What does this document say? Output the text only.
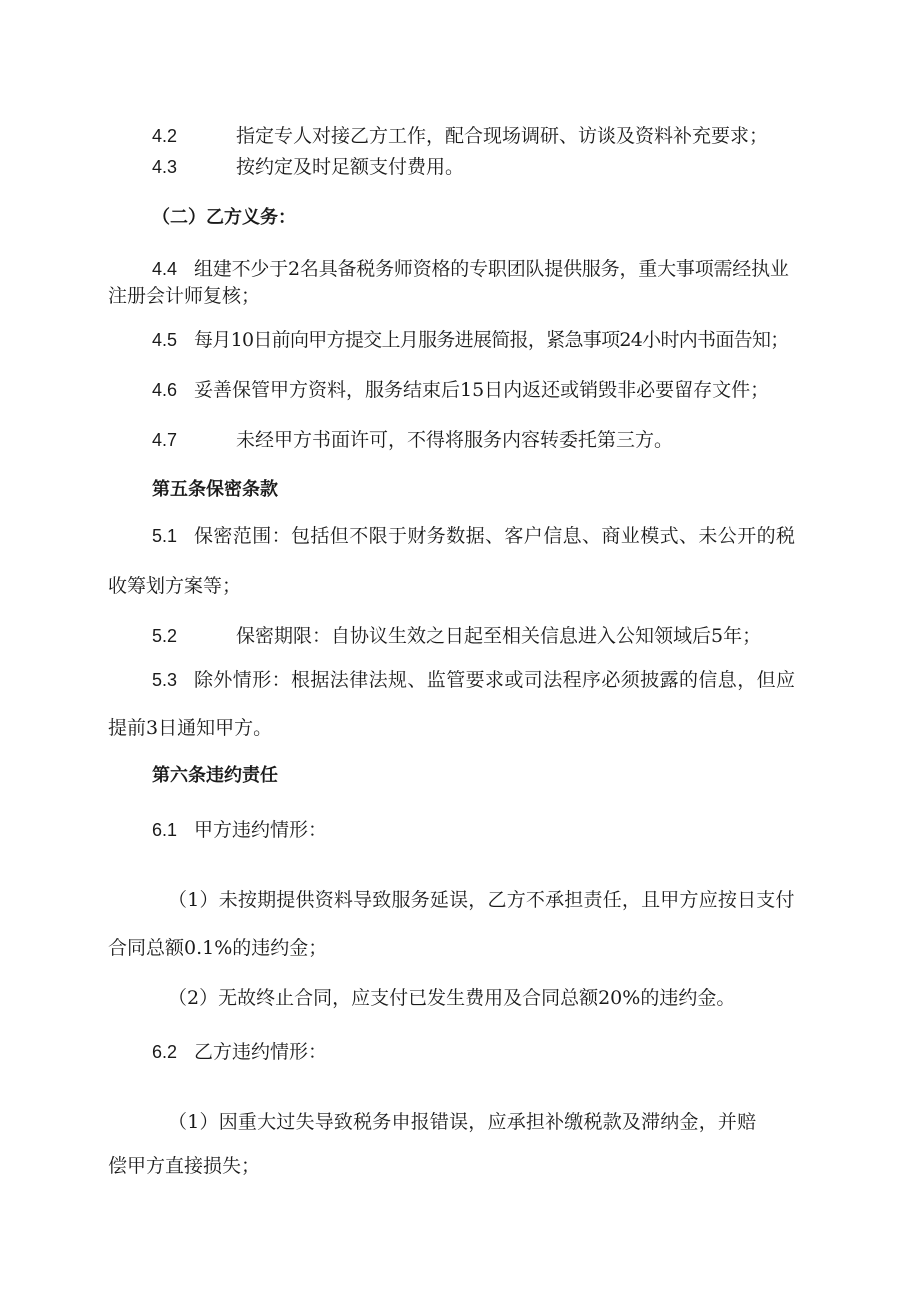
4.2	指定专人对接乙方工作，配合现场调研、访谈及资料补充要求；
4.3	按约定及时足额支付费用。
（二）乙方义务：
4.4 组建不少于2名具备税务师资格的专职团队提供服务，重大事项需经执业
注册会计师复核；
4.5 每月10日前向甲方提交上月服务进展简报，紧急事项24小时内书面告知；
4.6 妥善保管甲方资料，服务结束后15日内返还或销毁非必要留存文件；
4.7	未经甲方书面许可，不得将服务内容转委托第三方。
第五条保密条款
5.1 保密范围：包括但不限于财务数据、客户信息、商业模式、未公开的税
收筹划方案等；
5.2	保密期限：自协议生效之日起至相关信息进入公知领域后5年；
5.3 除外情形：根据法律法规、监管要求或司法程序必须披露的信息，但应
提前3日通知甲方。
第六条违约责任
6.1 甲方违约情形：
（1）未按期提供资料导致服务延误，乙方不承担责任，且甲方应按日支付
合同总额0.1%的违约金；
（2）无故终止合同，应支付已发生费用及合同总额20%的违约金。
6.2 乙方违约情形：
（1）因重大过失导致税务申报错误，应承担补缴税款及滞纳金，并赔
偿甲方直接损失；
